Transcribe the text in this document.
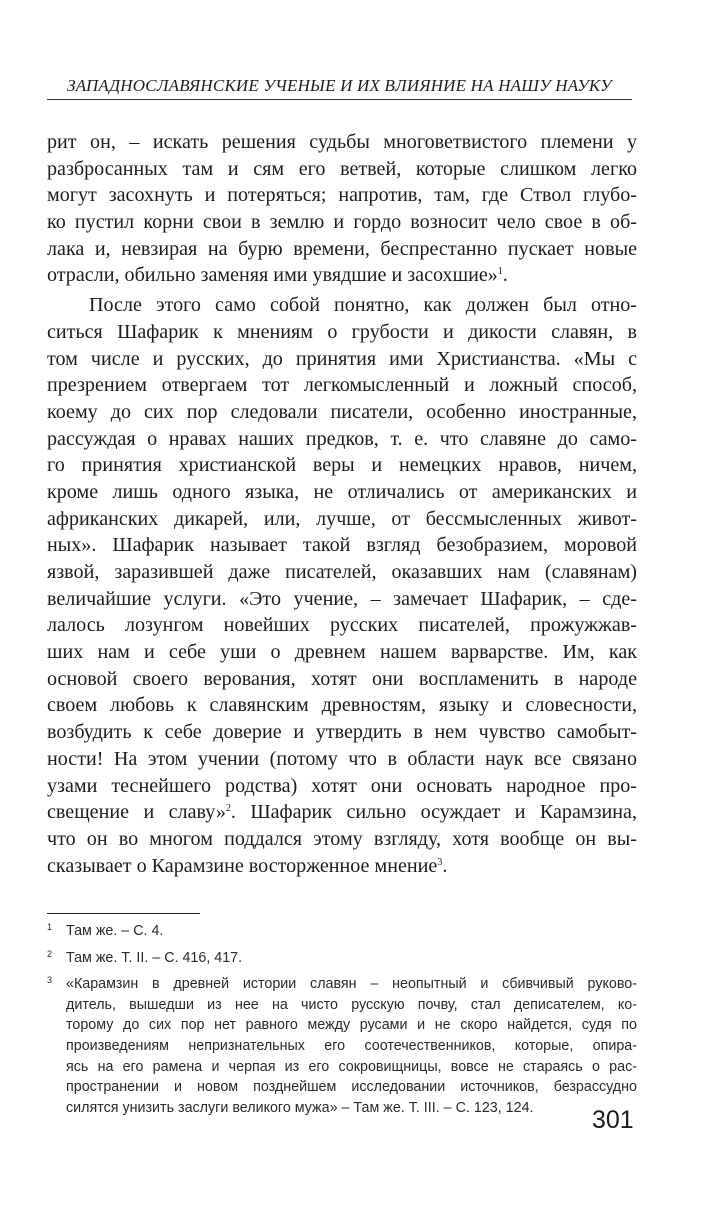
ЗАПАДНОСЛАВЯНСКИЕ УЧЕНЫЕ И ИХ ВЛИЯНИЕ НА НАШУ НАУКУ
рит он, – искать решения судьбы многоветвистого племени у
разбросанных там и сям его ветвей, которые слишком легко
могут засохнуть и потеряться; напротив, там, где Ствол глубо-
ко пустил корни свои в землю и гордо возносит чело свое в об-
лака и, невзирая на бурю времени, беспрестанно пускает новые
отрасли, обильно заменяя ими увядшие и засохшие»$^1$.
После этого само собой понятно, как должен был отно-
ситься Шафарик к мнениям о грубости и дикости славян, в
том числе и русских, до принятия ими Христианства. «Мы с
презрением отвергаем тот легкомысленный и ложный способ,
коему до сих пор следовали писатели, особенно иностранные,
рассуждая о нравах наших предков, т. е. что славяне до само-
го принятия христианской веры и немецких нравов, ничем,
кроме лишь одного языка, не отличались от американских и
африканских дикарей, или, лучше, от бессмысленных живот-
ных». Шафарик называет такой взгляд безобразием, моровой
язвой, заразившей даже писателей, оказавших нам (славянам)
величайшие услуги. «Это учение, – замечает Шафарик, – сде-
лалось лозунгом новейших русских писателей, прожужжав-
ших нам и себе уши о древнем нашем варварстве. Им, как
основой своего верования, хотят они воспламенить в народе
своем любовь к славянским древностям, языку и словесности,
возбудить к себе доверие и утвердить в нем чувство самобыт-
ности! На этом учении (потому что в области наук все связано
узами теснейшего родства) хотят они основать народное про-
свещение и славу»$^2$. Шафарик сильно осуждает и Карамзина,
что он во многом поддался этому взгляду, хотя вообще он вы-
сказывает о Карамзине восторженное мнение$^3$.
1 Там же. – С. 4.
2 Там же. Т. II. – С. 416, 417.
3 «Карамзин в древней истории славян – неопытный и сбивчивый руково-
дитель, вышедши из нее на чисто русскую почву, стал деписателем, ко-
торому до сих пор нет равного между русами и не скоро найдется, судя по
произведениям непризнательных его соотечественников, которые, опира-
ясь на его рамена и черпая из его сокровищницы, вовсе не стараясь о рас-
пространении и новом позднейшем исследовании источников, безрассудно
силятся унизить заслуги великого мужа» – Там же. Т. III. – С. 123, 124.	301
